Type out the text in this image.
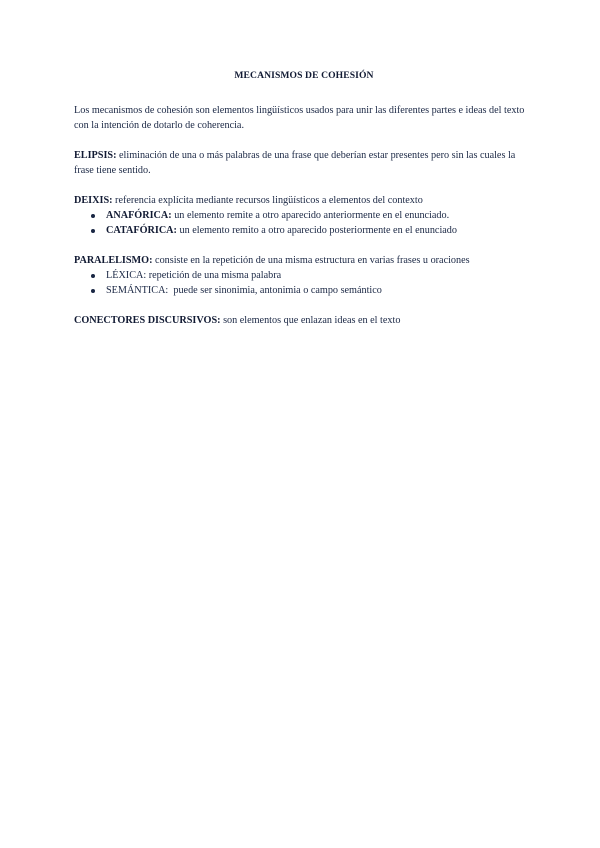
MECANISMOS DE COHESIÓN

Los mecanismos de cohesión son elementos lingüísticos usados para unir las diferentes partes e ideas del texto con la intención de dotarlo de coherencia.

ELIPSIS: eliminación de una o más palabras de una frase que deberían estar presentes pero sin las cuales la frase tiene sentido.

DEIXIS: referencia explícita mediante recursos lingüísticos a elementos del contexto

ANAFÓRICA: un elemento remite a otro aparecido anteriormente en el enunciado.
CATAFÓRICA: un elemento remito a otro aparecido posteriormente en el enunciado

PARALELISMO: consiste en la repetición de una misma estructura en varias frases u oraciones

LÉXICA: repetición de una misma palabra
SEMÁNTICA:  puede ser sinonimia, antonimia o campo semántico

CONECTORES DISCURSIVOS: son elementos que enlazan ideas en el texto
